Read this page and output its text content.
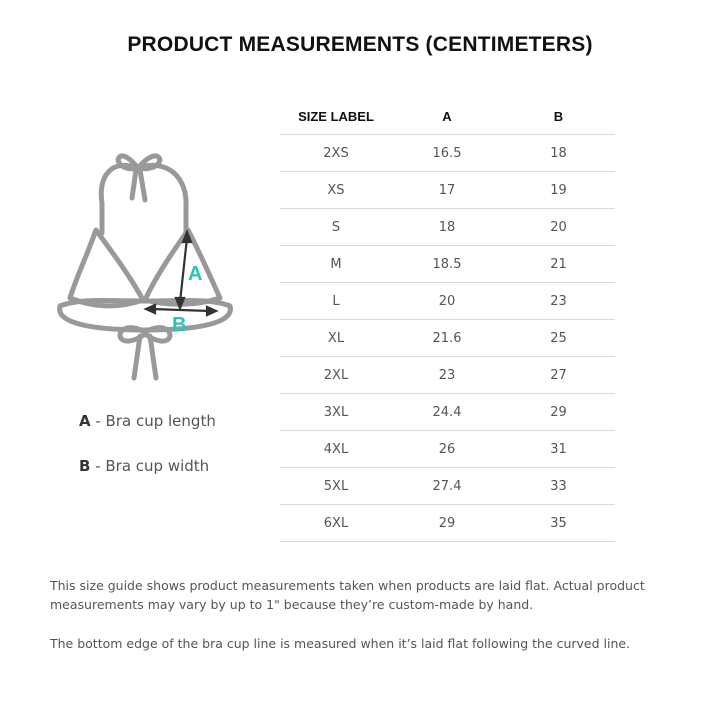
PRODUCT MEASUREMENTS (CENTIMETERS)
A
B
A - Bra cup length
B - Bra cup width
SIZE LABEL	A	B
2XS	16.5	18
XS	17	19
S	18	20
M	18.5	21
L	20	23
XL	21.6	25
2XL	23	27
3XL	24.4	29
4XL	26	31
5XL	27.4	33
6XL	29	35
This size guide shows product measurements taken when products are laid flat. Actual product measurements may vary by up to 1" because they’re custom-made by hand.
The bottom edge of the bra cup line is measured when it’s laid flat following the curved line.
